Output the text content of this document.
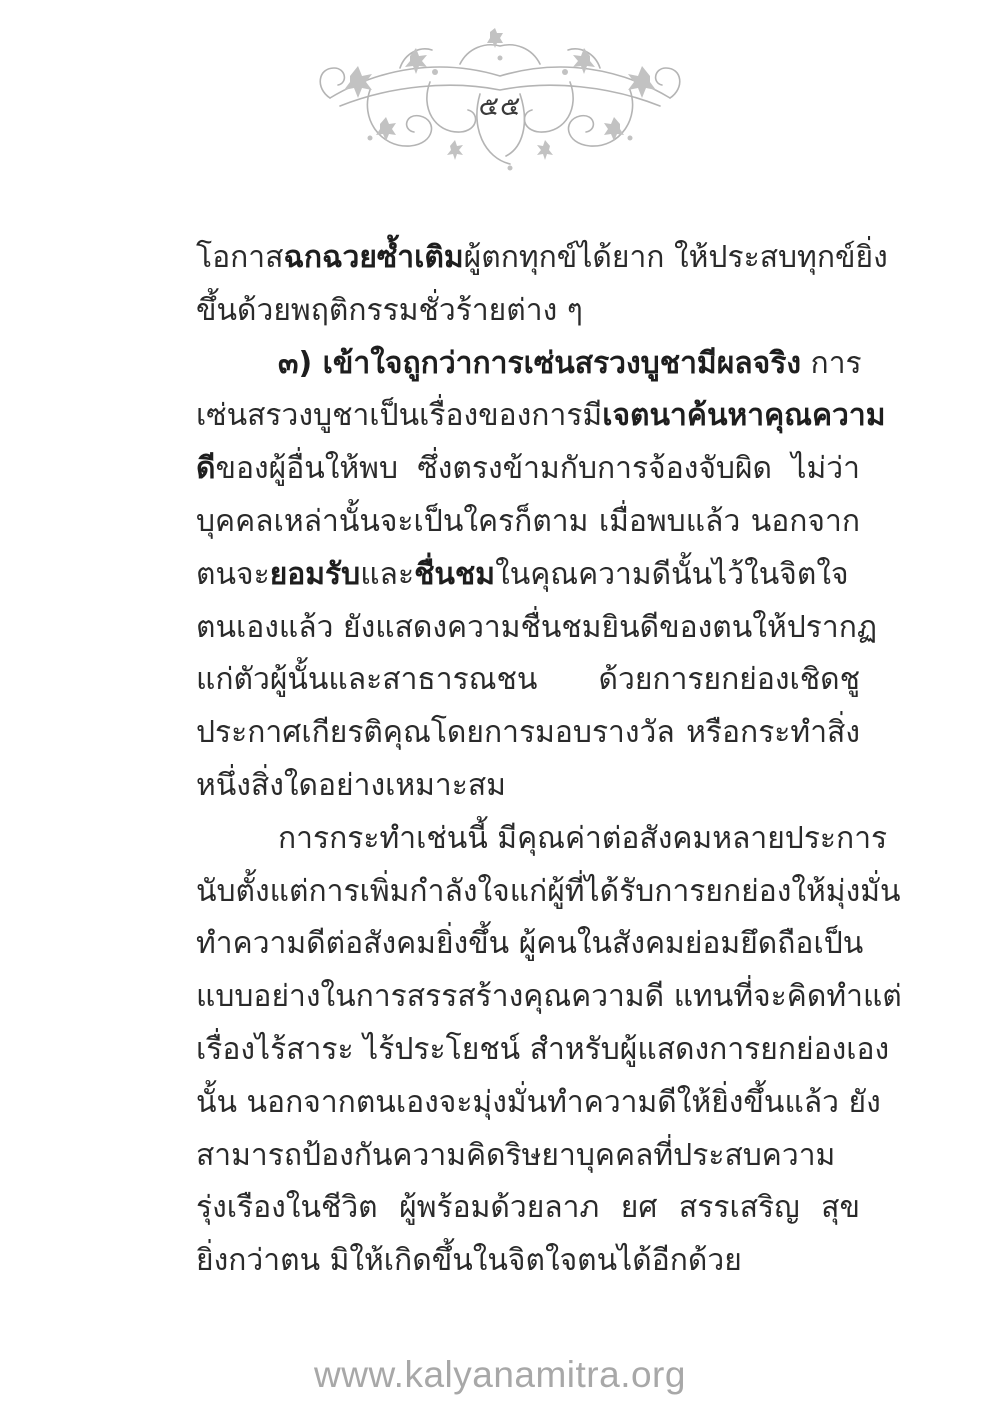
๕๕
โอกาสฉกฉวยซ้ำเติมผู้ตกทุกข์ได้ยาก ให้ประสบทุกข์ยิ่ง
ขึ้นด้วยพฤติกรรมชั่วร้ายต่าง ๆ
๓) เข้าใจถูกว่าการเซ่นสรวงบูชามีผลจริง การ
เซ่นสรวงบูชาเป็นเรื่องของการมีเจตนาค้นหาคุณความ
ดีของผู้อื่นให้พบ ซึ่งตรงข้ามกับการจ้องจับผิด ไม่ว่า
บุคคลเหล่านั้นจะเป็นใครก็ตาม เมื่อพบแล้ว นอกจาก
ตนจะยอมรับและชื่นชมในคุณความดีนั้นไว้ในจิตใจ
ตนเองแล้ว ยังแสดงความชื่นชมยินดีของตนให้ปรากฏ
แก่ตัวผู้นั้นและสาธารณชน ด้วยการยกย่องเชิดชู
ประกาศเกียรติคุณโดยการมอบรางวัล หรือกระทำสิ่ง
หนึ่งสิ่งใดอย่างเหมาะสม
การกระทำเช่นนี้ มีคุณค่าต่อสังคมหลายประการ
นับตั้งแต่การเพิ่มกำลังใจแก่ผู้ที่ได้รับการยกย่องให้มุ่งมั่น
ทำความดีต่อสังคมยิ่งขึ้น ผู้คนในสังคมย่อมยึดถือเป็น
แบบอย่างในการสรรสร้างคุณความดี แทนที่จะคิดทำแต่
เรื่องไร้สาระ ไร้ประโยชน์ สำหรับผู้แสดงการยกย่องเอง
นั้น นอกจากตนเองจะมุ่งมั่นทำความดีให้ยิ่งขึ้นแล้ว ยัง
สามารถป้องกันความคิดริษยาบุคคลที่ประสบความ
รุ่งเรืองในชีวิต ผู้พร้อมด้วยลาภ ยศ สรรเสริญ สุข
ยิ่งกว่าตน มิให้เกิดขึ้นในจิตใจตนได้อีกด้วย
www.kalyanamitra.org
